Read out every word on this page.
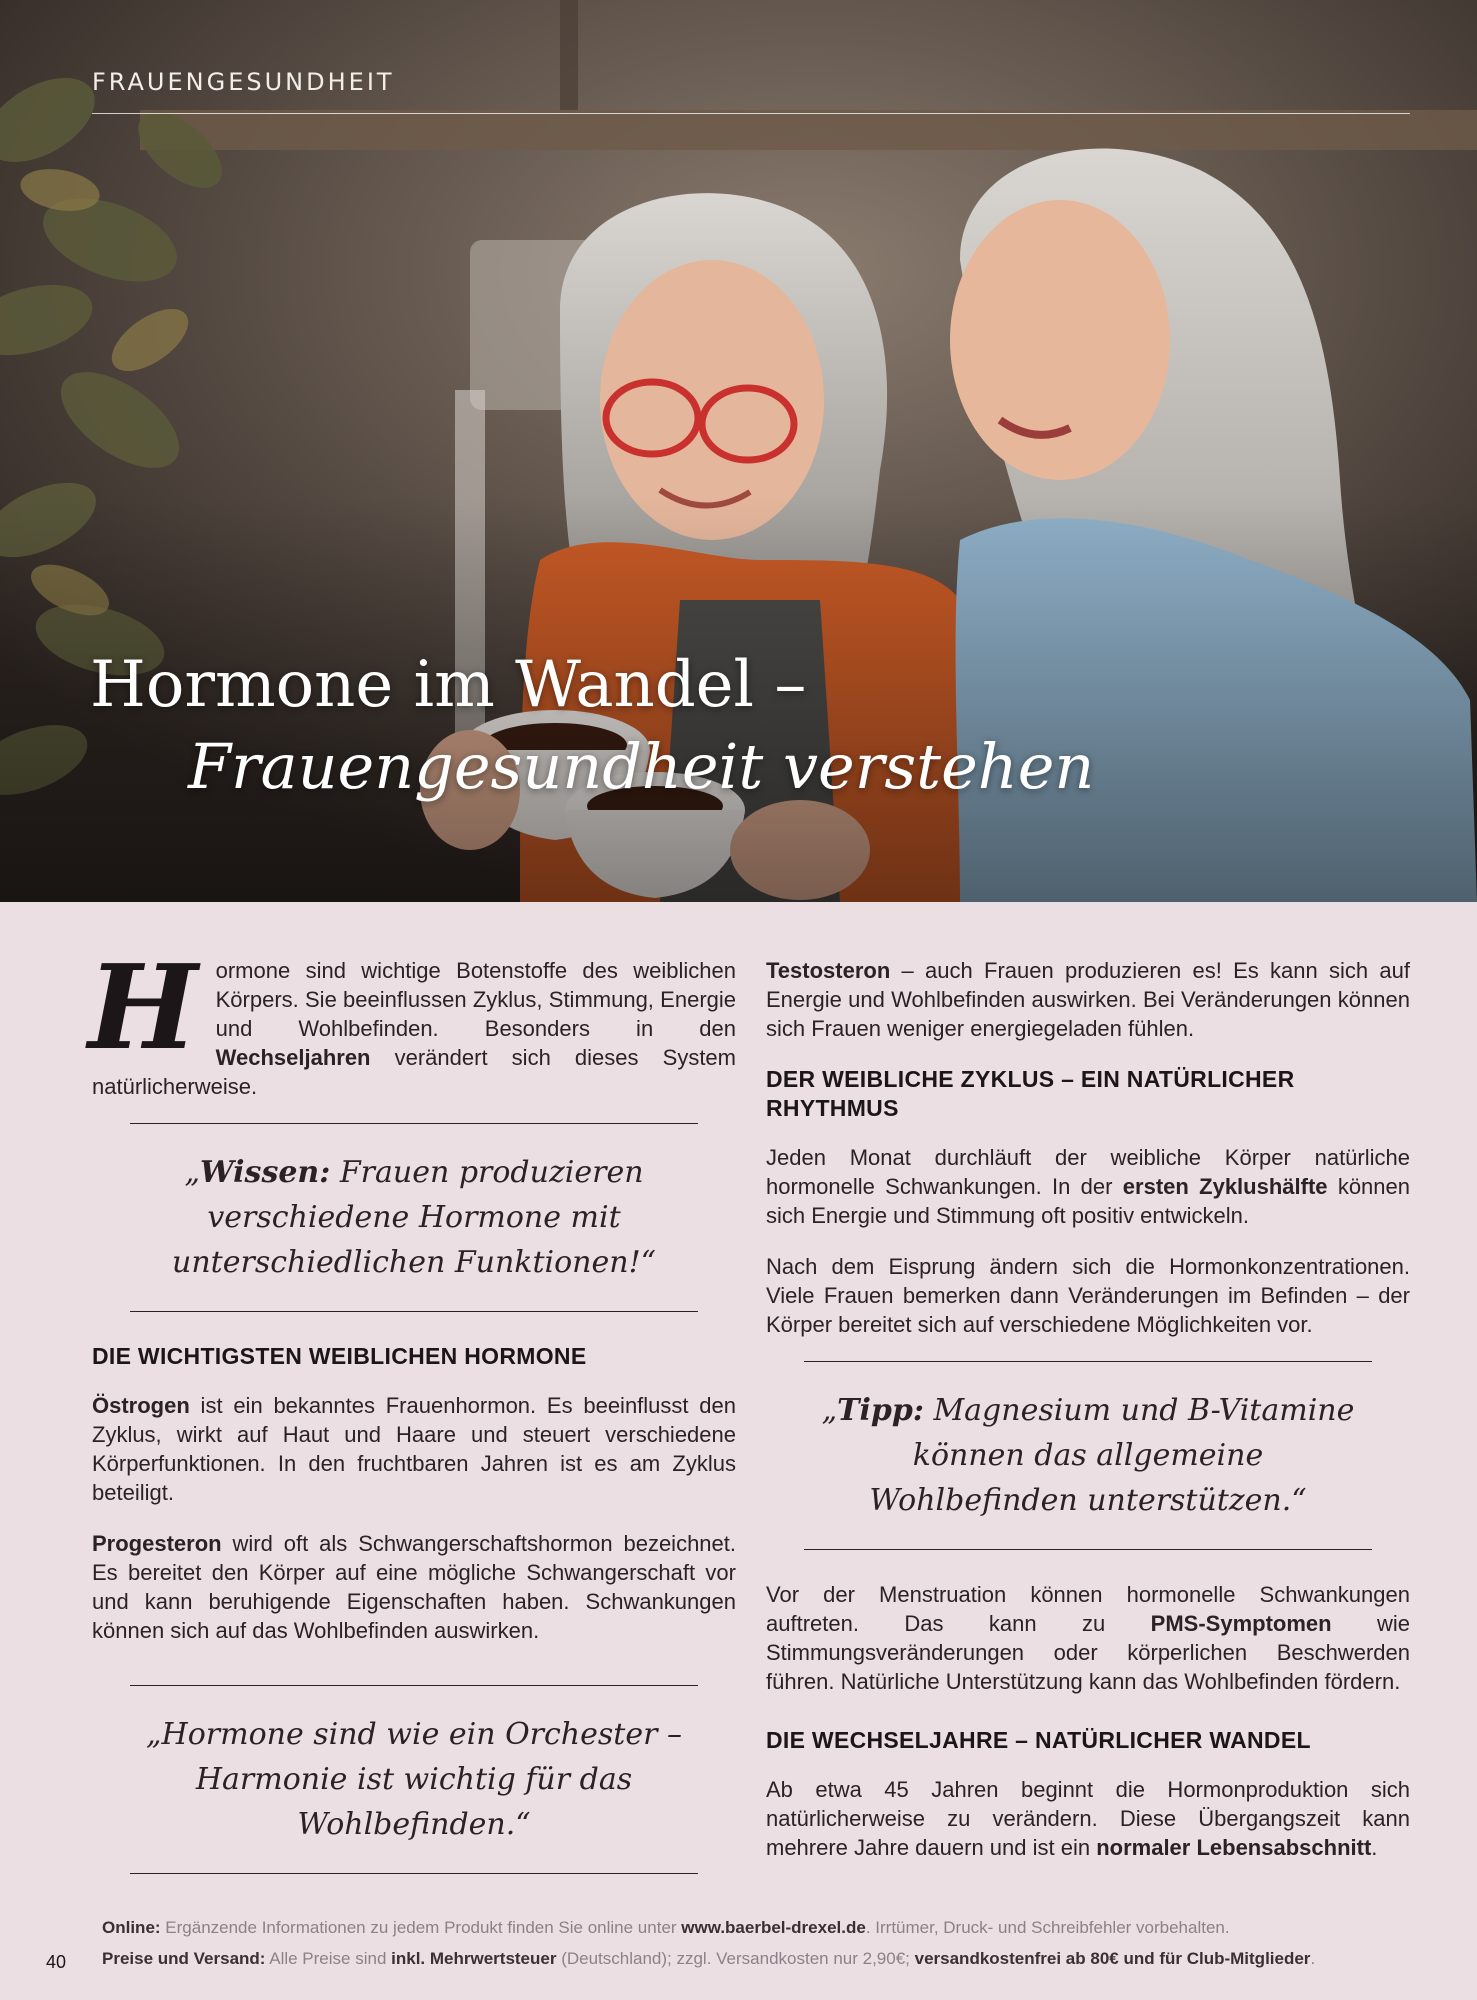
FRAUENGESUNDHEIT
Hormone im Wandel –
Frauengesundheit verstehen

Hormone sind wichtige Botenstoffe des weiblichen Körpers. Sie beeinflussen Zyklus, Stimmung, Energie und Wohlbefinden. Besonders in den Wechseljahren verändert sich dieses System natürlicherweise.

„Wissen: Frauen produzieren verschiedene Hormone mit unterschiedlichen Funktionen!“
DIE WICHTIGSTEN WEIBLICHEN HORMONE

Östrogen ist ein bekanntes Frauenhormon. Es beeinflusst den Zyklus, wirkt auf Haut und Haare und steuert verschiedene Körperfunktionen. In den fruchtbaren Jahren ist es am Zyklus beteiligt.

Progesteron wird oft als Schwangerschaftshormon bezeichnet. Es bereitet den Körper auf eine mögliche Schwangerschaft vor und kann beruhigende Eigenschaften haben. Schwankungen können sich auf das Wohlbefinden auswirken.

„Hormone sind wie ein Orchester – Harmonie ist wichtig für das Wohlbefinden.“

Testosteron – auch Frauen produzieren es! Es kann sich auf Energie und Wohlbefinden auswirken. Bei Veränderungen können sich Frauen weniger energiegeladen fühlen.

DER WEIBLICHE ZYKLUS – EIN NATÜRLICHER RHYTHMUS

Jeden Monat durchläuft der weibliche Körper natürliche hormonelle Schwankungen. In der ersten Zyklushälfte können sich Energie und Stimmung oft positiv entwickeln.

Nach dem Eisprung ändern sich die Hormonkonzentrationen. Viele Frauen bemerken dann Veränderungen im Befinden – der Körper bereitet sich auf verschiedene Möglichkeiten vor.

„Tipp: Magnesium und B-Vitamine können das allgemeine Wohlbefinden unterstützen.“

Vor der Menstruation können hormonelle Schwankungen auftreten. Das kann zu PMS-Symptomen wie Stimmungsveränderungen oder körperlichen Beschwerden führen. Natürliche Unterstützung kann das Wohlbefinden fördern.

DIE WECHSELJAHRE – NATÜRLICHER WANDEL

Ab etwa 45 Jahren beginnt die Hormonproduktion sich natürlicherweise zu verändern. Diese Übergangszeit kann mehrere Jahre dauern und ist ein normaler Lebensabschnitt.

40
Online: Ergänzende Informationen zu jedem Produkt finden Sie online unter www.baerbel-drexel.de. Irrtümer, Druck- und Schreibfehler vorbehalten.
Preise und Versand: Alle Preise sind inkl. Mehrwertsteuer (Deutschland); zzgl. Versandkosten nur 2,90€; versandkostenfrei ab 80€ und für Club-Mitglieder.
